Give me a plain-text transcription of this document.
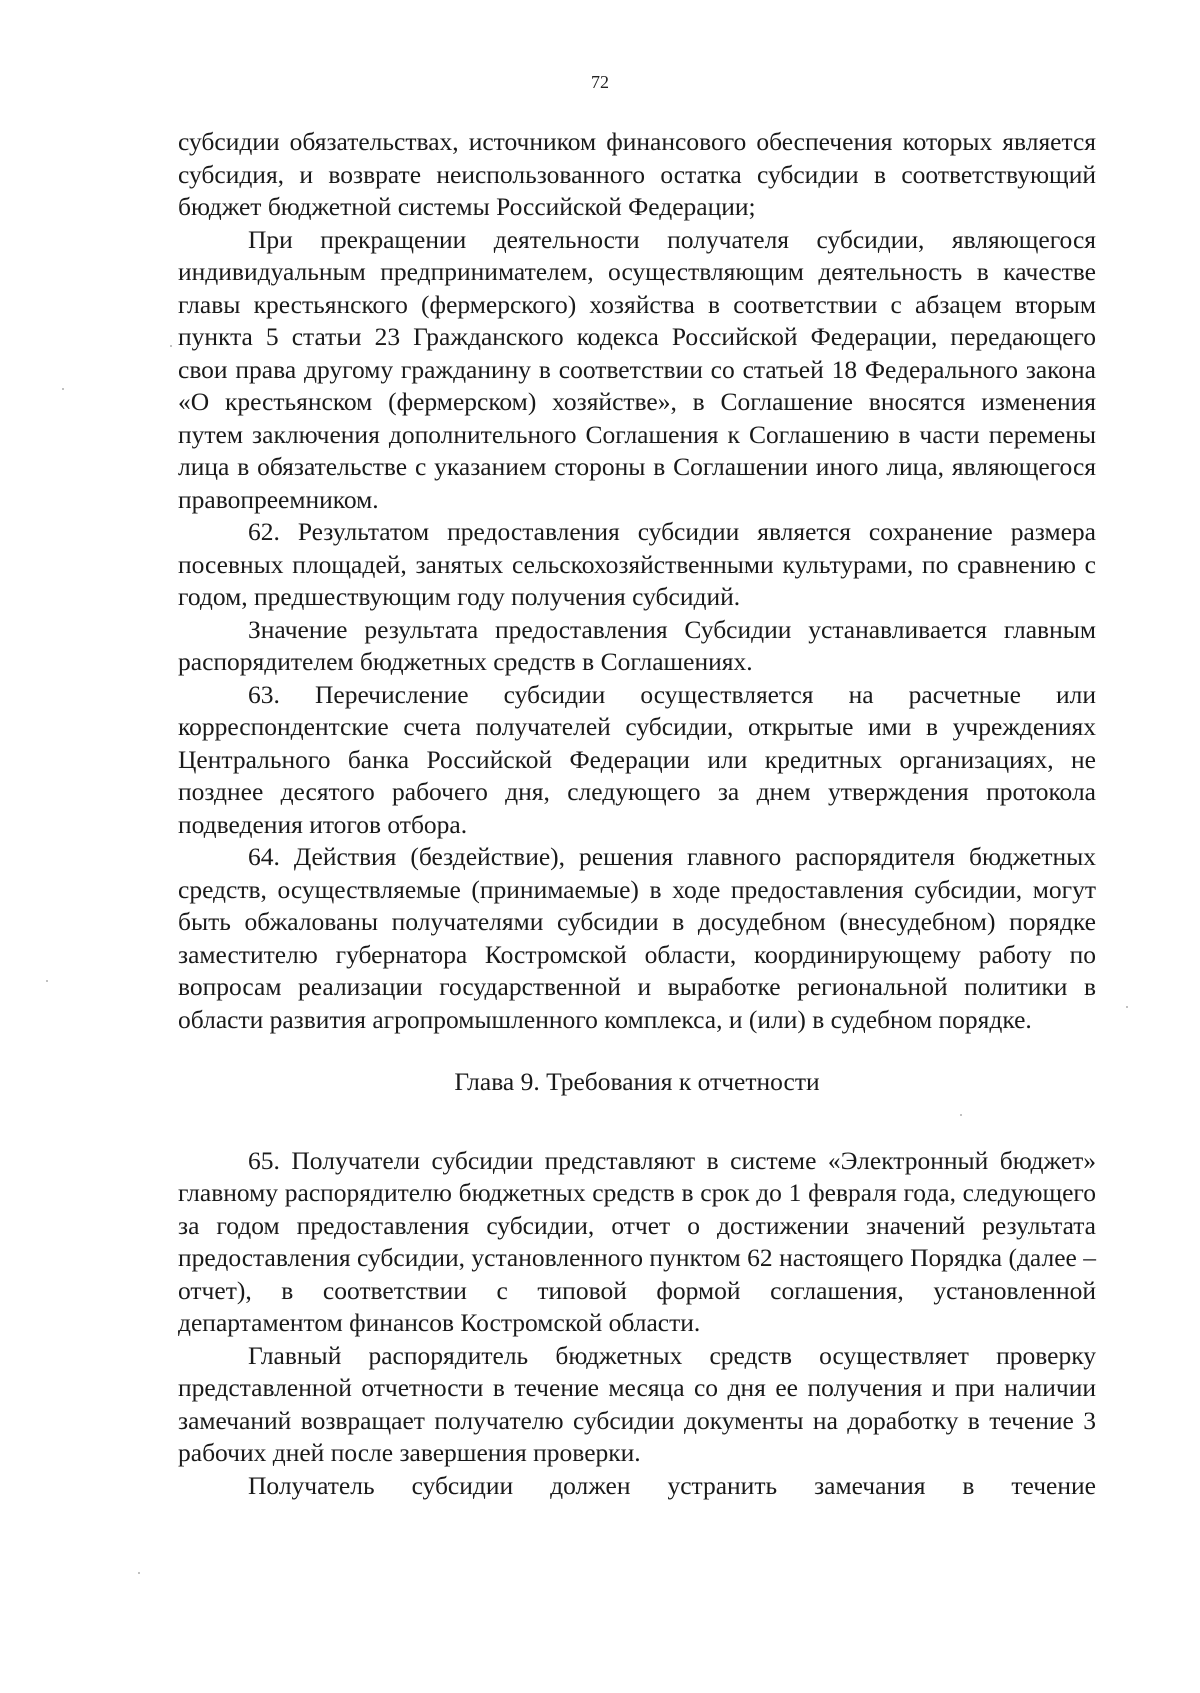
72

субсидии обязательствах, источником финансового обеспечения которых является субсидия, и возврате неиспользованного остатка субсидии в соответствующий бюджет бюджетной системы Российской Федерации;

При прекращении деятельности получателя субсидии, являющегося индивидуальным предпринимателем, осуществляющим деятельность в качестве главы крестьянского (фермерского) хозяйства в соответствии с абзацем вторым пункта 5 статьи 23 Гражданского кодекса Российской Федерации, передающего свои права другому гражданину в соответствии со статьей 18 Федерального закона «О крестьянском (фермерском) хозяйстве», в Соглашение вносятся изменения путем заключения дополнительного Соглашения к Соглашению в части перемены лица в обязательстве с указанием стороны в Соглашении иного лица, являющегося правопреемником.

62. Результатом предоставления субсидии является сохранение размера посевных площадей, занятых сельскохозяйственными культурами, по сравнению с годом, предшествующим году получения субсидий.

Значение результата предоставления Субсидии устанавливается главным распорядителем бюджетных средств в Соглашениях.

63. Перечисление субсидии осуществляется на расчетные или корреспондентские счета получателей субсидии, открытые ими в учреждениях Центрального банка Российской Федерации или кредитных организациях, не позднее десятого рабочего дня, следующего за днем утверждения протокола подведения итогов отбора.

64. Действия (бездействие), решения главного распорядителя бюджетных средств, осуществляемые (принимаемые) в ходе предоставления субсидии, могут быть обжалованы получателями субсидии в досудебном (внесудебном) порядке заместителю губернатора Костромской области, координирующему работу по вопросам реализации государственной и выработке региональной политики в области развития агропромышленного комплекса, и (или) в судебном порядке.

Глава 9. Требования к отчетности

65. Получатели субсидии представляют в системе «Электронный бюджет» главному распорядителю бюджетных средств в срок до 1 февраля года, следующего за годом предоставления субсидии, отчет о достижении значений результата предоставления субсидии, установленного пунктом 62 настоящего Порядка (далее – отчет), в соответствии с типовой формой соглашения, установленной департаментом финансов Костромской области.

Главный распорядитель бюджетных средств осуществляет проверку представленной отчетности в течение месяца со дня ее получения и при наличии замечаний возвращает получателю субсидии документы на доработку в течение 3 рабочих дней после завершения проверки.

Получатель субсидии должен устранить замечания в течение
